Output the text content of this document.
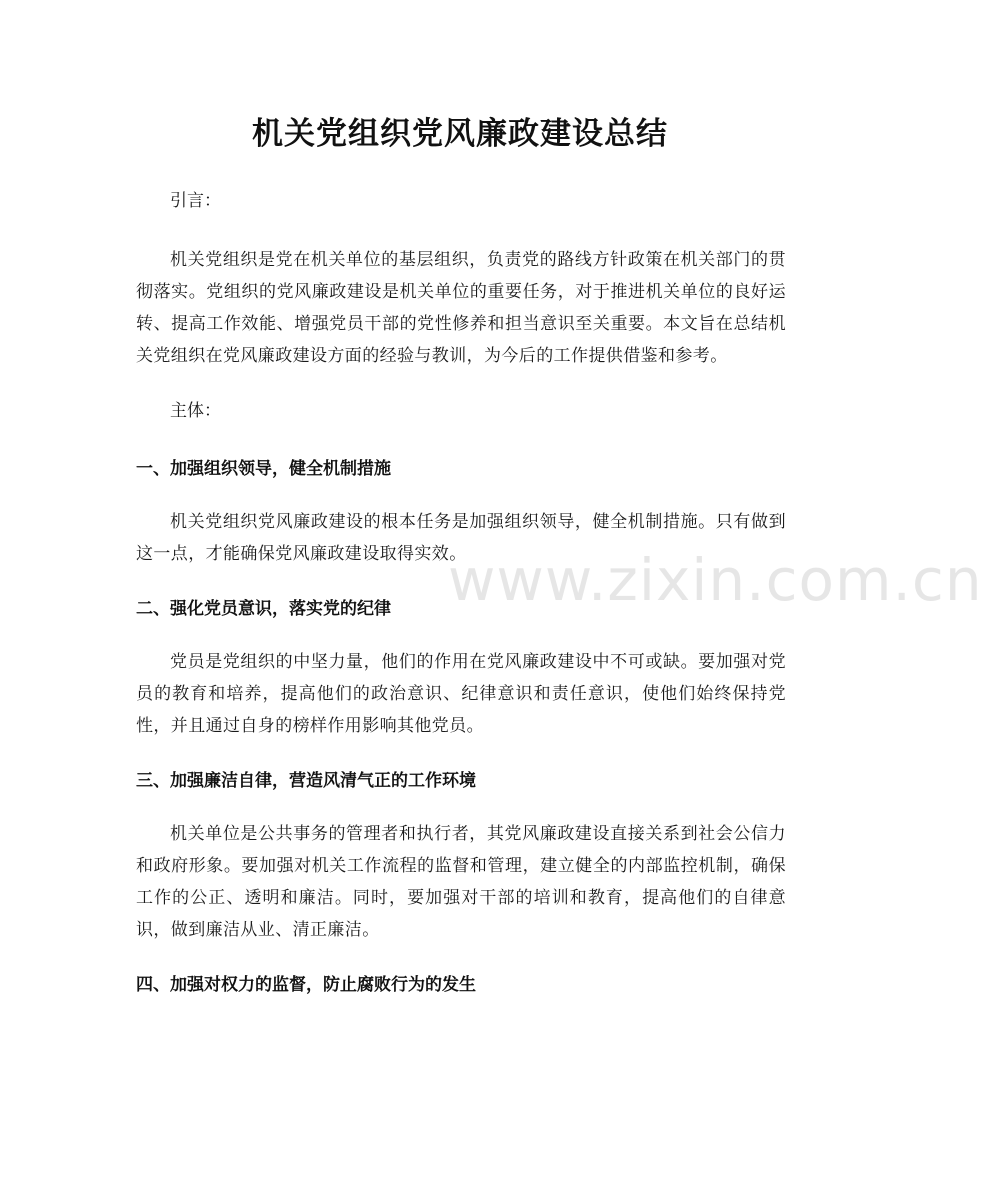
机关党组织党风廉政建设总结

引言：

机关党组织是党在机关单位的基层组织，负责党的路线方针政策在机关部门的贯彻落实。党组织的党风廉政建设是机关单位的重要任务，对于推进机关单位的良好运转、提高工作效能、增强党员干部的党性修养和担当意识至关重要。本文旨在总结机关党组织在党风廉政建设方面的经验与教训，为今后的工作提供借鉴和参考。

主体：

一、加强组织领导，健全机制措施

机关党组织党风廉政建设的根本任务是加强组织领导，健全机制措施。只有做到这一点，才能确保党风廉政建设取得实效。

二、强化党员意识，落实党的纪律

党员是党组织的中坚力量，他们的作用在党风廉政建设中不可或缺。要加强对党员的教育和培养，提高他们的政治意识、纪律意识和责任意识，使他们始终保持党性，并且通过自身的榜样作用影响其他党员。

三、加强廉洁自律，营造风清气正的工作环境

机关单位是公共事务的管理者和执行者，其党风廉政建设直接关系到社会公信力和政府形象。要加强对机关工作流程的监督和管理，建立健全的内部监控机制，确保工作的公正、透明和廉洁。同时，要加强对干部的培训和教育，提高他们的自律意识，做到廉洁从业、清正廉洁。

四、加强对权力的监督，防止腐败行为的发生
www.zixin.com.cn
